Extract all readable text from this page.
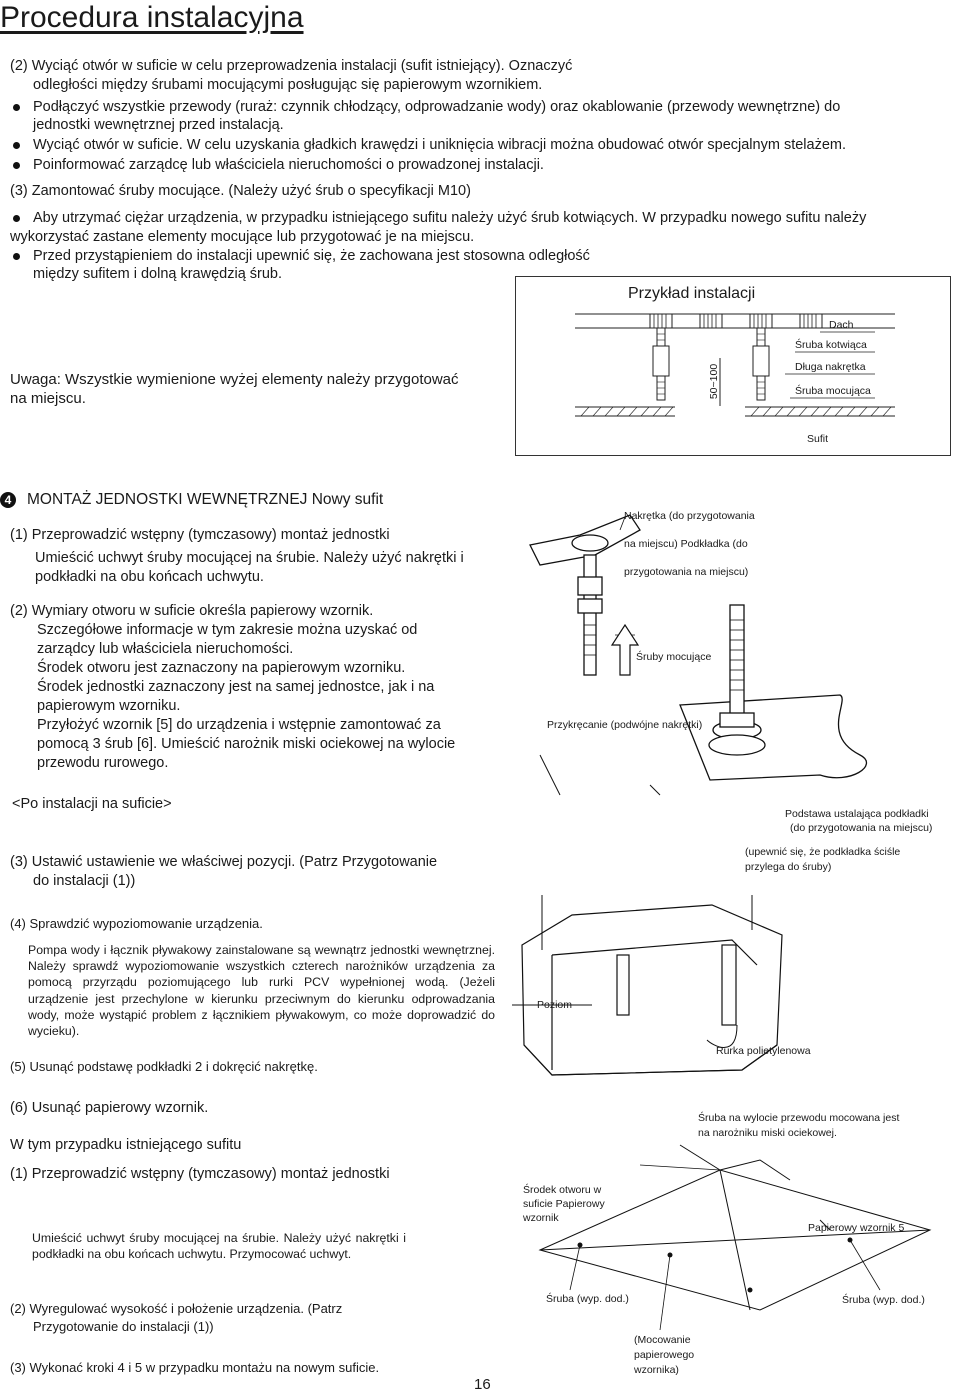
Procedura instalacyjna
(2) Wyciąć otwór w suficie w celu przeprowadzenia instalacji (sufit istniejący). Oznaczyć
odległości między śrubami mocującymi posługując się papierowym wzornikiem.
Podłączyć wszystkie przewody (ruraż: czynnik chłodzący, odprowadzanie wody) oraz okablowanie (przewody wewnętrzne) do
jednostki wewnętrznej przed instalacją.
Wyciąć otwór w suficie. W celu uzyskania gładkich krawędzi i uniknięcia wibracji można obudować otwór specjalnym stelażem.
Poinformować zarządcę lub właściciela nieruchomości o prowadzonej instalacji.
(3) Zamontować śruby mocujące. (Należy użyć śrub o specyfikacji M10)
Aby utrzymać ciężar urządzenia, w przypadku istniejącego sufitu należy użyć śrub kotwiących. W przypadku nowego sufitu należy
wykorzystać zastane elementy mocujące lub przygotować je na miejscu.
Przed przystąpieniem do instalacji upewnić się, że zachowana jest stosowna odległość
między sufitem i dolną krawędzią śrub.
Uwaga: Wszystkie wymienione wyżej elementy należy przygotować
na miejscu.
Przykład instalacji
Dach
Śruba kotwiąca
Długa nakrętka
Śruba mocująca
Sufit
50~100
4	MONTAŻ JEDNOSTKI WEWNĘTRZNEJ Nowy sufit
(1) Przeprowadzić wstępny (tymczasowy) montaż jednostki
Umieścić uchwyt śruby mocującej na śrubie. Należy użyć nakrętki i
podkładki na obu końcach uchwytu.
(2) Wymiary otworu w suficie określa papierowy wzornik.
Szczegółowe informacje w tym zakresie można uzyskać od
zarządcy lub właściciela nieruchomości.
Środek otworu jest zaznaczony na papierowym wzorniku.
Środek jednostki zaznaczony jest na samej jednostce, jak i na
papierowym wzorniku.
Przyłożyć wzornik [5] do urządzenia i wstępnie zamontować za
pomocą 3 śrub [6]. Umieścić narożnik miski ociekowej na wylocie
przewodu rurowego.
<Po instalacji na suficie>
(3) Ustawić ustawienie we właściwej pozycji. (Patrz Przygotowanie
do instalacji (1))
(4) Sprawdzić wypoziomowanie urządzenia.
Pompa wody i łącznik pływakowy zainstalowane są wewnątrz jednostki wewnętrznej. Należy sprawdź wypoziomowanie wszystkich czterech narożników urządzenia za pomocą przyrządu poziomującego lub rurki PCV wypełnionej wodą. (Jeżeli urządzenie jest przechylone w kierunku przeciwnym do kierunku odprowadzania wody, może wystąpić problem z łącznikiem pływakowym, co może doprowadzić do wycieku).
(5) Usunąć podstawę podkładki 2 i dokręcić nakrętkę.
(6) Usunąć papierowy wzornik.
W tym przypadku istniejącego sufitu
(1) Przeprowadzić wstępny (tymczasowy) montaż jednostki
Umieścić uchwyt śruby mocującej na śrubie. Należy użyć nakrętki i podkładki na obu końcach uchwytu. Przymocować uchwyt.
(2) Wyregulować wysokość i położenie urządzenia. (Patrz
Przygotowanie do instalacji (1))
(3) Wykonać kroki 4 i 5 w przypadku montażu na nowym suficie.
Nakrętka (do przygotowania
na miejscu) Podkładka (do
przygotowania na miejscu)
Śruby mocujące
Przykręcanie (podwójne nakrętki)
Podstawa ustalająca podkładki
(do przygotowania na miejscu)
(upewnić się, że podkładka ściśle
przylega do śruby)
Poziom
Rurka polietylenowa
Śruba na wylocie przewodu mocowana jest
na narożniku miski ociekowej.
Środek otworu w
suficie Papierowy
wzornik
Papierowy wzornik 5
Śruba (wyp. dod.)	Śruba (wyp. dod.)
(Mocowanie
papierowego
wzornika)
16
